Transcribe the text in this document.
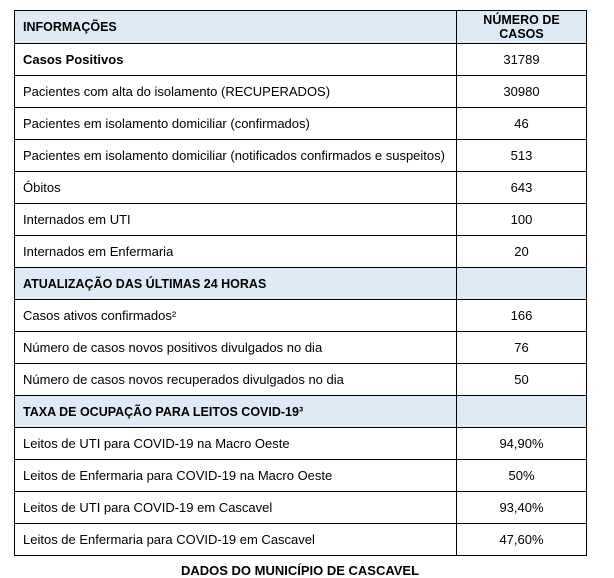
INFORMAÇÕES	NÚMERO DE CASOS
Casos Positivos	31789
Pacientes com alta do isolamento (RECUPERADOS)	30980
Pacientes em isolamento domiciliar (confirmados)	46
Pacientes em isolamento domiciliar (notificados confirmados e suspeitos)	513
Óbitos	643
Internados em UTI	100
Internados em Enfermaria	20
ATUALIZAÇÃO DAS ÚLTIMAS 24 HORAS	
Casos ativos confirmados²	166
Número de casos novos positivos divulgados no dia	76
Número de casos novos recuperados divulgados no dia	50
TAXA DE OCUPAÇÃO PARA LEITOS COVID-19³	
Leitos de UTI para COVID-19 na Macro Oeste	94,90%
Leitos de Enfermaria para COVID-19 na Macro Oeste	50%
Leitos de UTI para COVID-19 em Cascavel	93,40%
Leitos de Enfermaria para COVID-19 em Cascavel	47,60%
DADOS DO MUNICÍPIO DE CASCAVEL
